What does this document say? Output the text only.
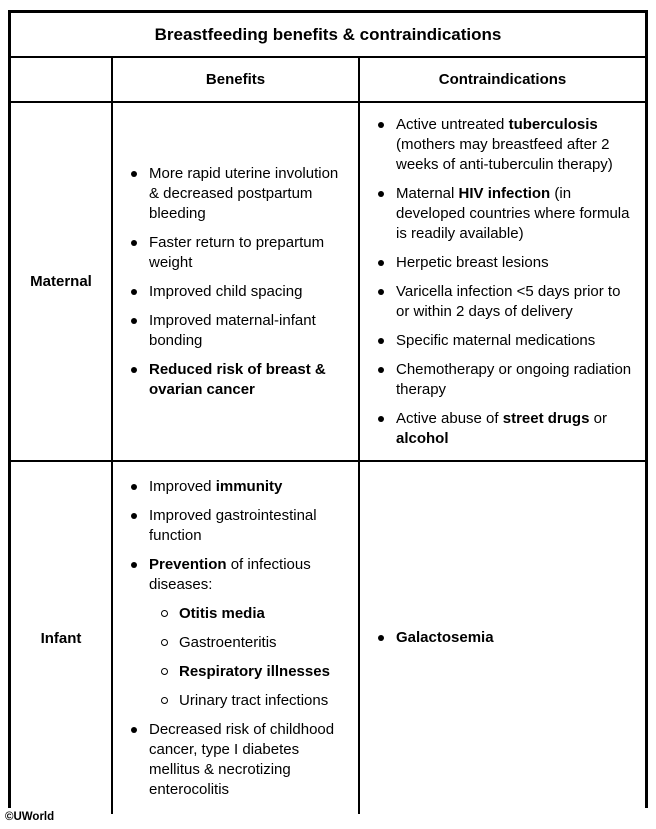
Breastfeeding benefits & contraindications
Benefits	Contraindications
Maternal
More rapid uterine involution & decreased postpartum bleeding
Faster return to prepartum weight
Improved child spacing
Improved maternal-infant bonding
Reduced risk of breast & ovarian cancer
Active untreated tuberculosis (mothers may breastfeed after 2 weeks of anti-tuberculin therapy)
Maternal HIV infection (in developed countries where formula is readily available)
Herpetic breast lesions
Varicella infection <5 days prior to or within 2 days of delivery
Specific maternal medications
Chemotherapy or ongoing radiation therapy
Active abuse of street drugs or alcohol
Infant
Improved immunity
Improved gastrointestinal function
Prevention of infectious diseases:
Otitis media
Gastroenteritis
Respiratory illnesses
Urinary tract infections
Decreased risk of childhood cancer, type I diabetes mellitus & necrotizing enterocolitis
Galactosemia
©UWorld
